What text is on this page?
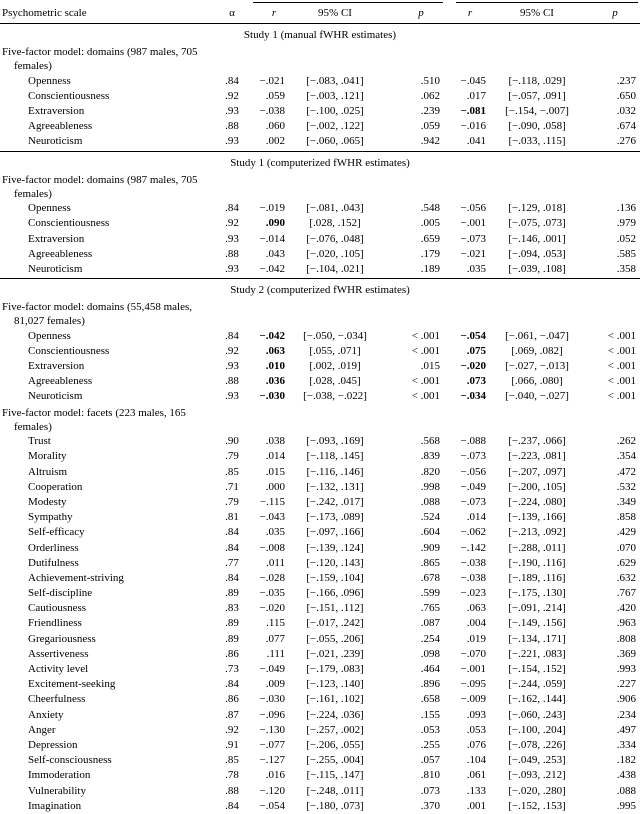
Psychometric scale	α	r	95% CI	p	r	95% CI	p
Study 1 (manual fWHR estimates)
Five-factor model: domains (987 males, 705 females)
Openness	.84	−.021	[−.083, .041]	.510	−.045	[−.118, .029]	.237
Conscientiousness	.92	.059	[−.003, .121]	.062	.017	[−.057, .091]	.650
Extraversion	.93	−.038	[−.100, .025]	.239	−.081	[−.154, −.007]	.032
Agreeableness	.88	.060	[−.002, .122]	.059	−.016	[−.090, .058]	.674
Neuroticism	.93	.002	[−.060, .065]	.942	.041	[−.033, .115]	.276
Study 1 (computerized fWHR estimates)
Five-factor model: domains (987 males, 705 females)
Openness	.84	−.019	[−.081, .043]	.548	−.056	[−.129, .018]	.136
Conscientiousness	.92	.090	[.028, .152]	.005	−.001	[−.075, .073]	.979
Extraversion	.93	−.014	[−.076, .048]	.659	−.073	[−.146, .001]	.052
Agreeableness	.88	.043	[−.020, .105]	.179	−.021	[−.094, .053]	.585
Neuroticism	.93	−.042	[−.104, .021]	.189	.035	[−.039, .108]	.358
Study 2 (computerized fWHR estimates)
Five-factor model: domains (55,458 males, 81,027 females)
Openness	.84	−.042	[−.050, −.034]	< .001	−.054	[−.061, −.047]	< .001
Conscientiousness	.92	.063	[.055, .071]	< .001	.075	[.069, .082]	< .001
Extraversion	.93	.010	[.002, .019]	.015	−.020	[−.027, −.013]	< .001
Agreeableness	.88	.036	[.028, .045]	< .001	.073	[.066, .080]	< .001
Neuroticism	.93	−.030	[−.038, −.022]	< .001	−.034	[−.040, −.027]	< .001
Five-factor model: facets (223 males, 165 females)
Trust	.90	.038	[−.093, .169]	.568	−.088	[−.237, .066]	.262
Morality	.79	.014	[−.118, .145]	.839	−.073	[−.223, .081]	.354
Altruism	.85	.015	[−.116, .146]	.820	−.056	[−.207, .097]	.472
Cooperation	.71	.000	[−.132, .131]	.998	−.049	[−.200, .105]	.532
Modesty	.79	−.115	[−.242, .017]	.088	−.073	[−.224, .080]	.349
Sympathy	.81	−.043	[−.173, .089]	.524	.014	[−.139, .166]	.858
Self-efficacy	.84	.035	[−.097, .166]	.604	−.062	[−.213, .092]	.429
Orderliness	.84	−.008	[−.139, .124]	.909	−.142	[−.288, .011]	.070
Dutifulness	.77	.011	[−.120, .143]	.865	−.038	[−.190, .116]	.629
Achievement-striving	.84	−.028	[−.159, .104]	.678	−.038	[−.189, .116]	.632
Self-discipline	.89	−.035	[−.166, .096]	.599	−.023	[−.175, .130]	.767
Cautiousness	.83	−.020	[−.151, .112]	.765	.063	[−.091, .214]	.420
Friendliness	.89	.115	[−.017, .242]	.087	.004	[−.149, .156]	.963
Gregariousness	.89	.077	[−.055, .206]	.254	.019	[−.134, .171]	.808
Assertiveness	.86	.111	[−.021, .239]	.098	−.070	[−.221, .083]	.369
Activity level	.73	−.049	[−.179, .083]	.464	−.001	[−.154, .152]	.993
Excitement-seeking	.84	.009	[−.123, .140]	.896	−.095	[−.244, .059]	.227
Cheerfulness	.86	−.030	[−.161, .102]	.658	−.009	[−.162, .144]	.906
Anxiety	.87	−.096	[−.224, .036]	.155	.093	[−.060, .243]	.234
Anger	.92	−.130	[−.257, .002]	.053	.053	[−.100, .204]	.497
Depression	.91	−.077	[−.206, .055]	.255	.076	[−.078, .226]	.334
Self-consciousness	.85	−.127	[−.255, .004]	.057	.104	[−.049, .253]	.182
Immoderation	.78	.016	[−.115, .147]	.810	.061	[−.093, .212]	.438
Vulnerability	.88	−.120	[−.248, .011]	.073	.133	[−.020, .280]	.088
Imagination	.84	−.054	[−.180, .073]	.370	.001	[−.152, .153]	.995
